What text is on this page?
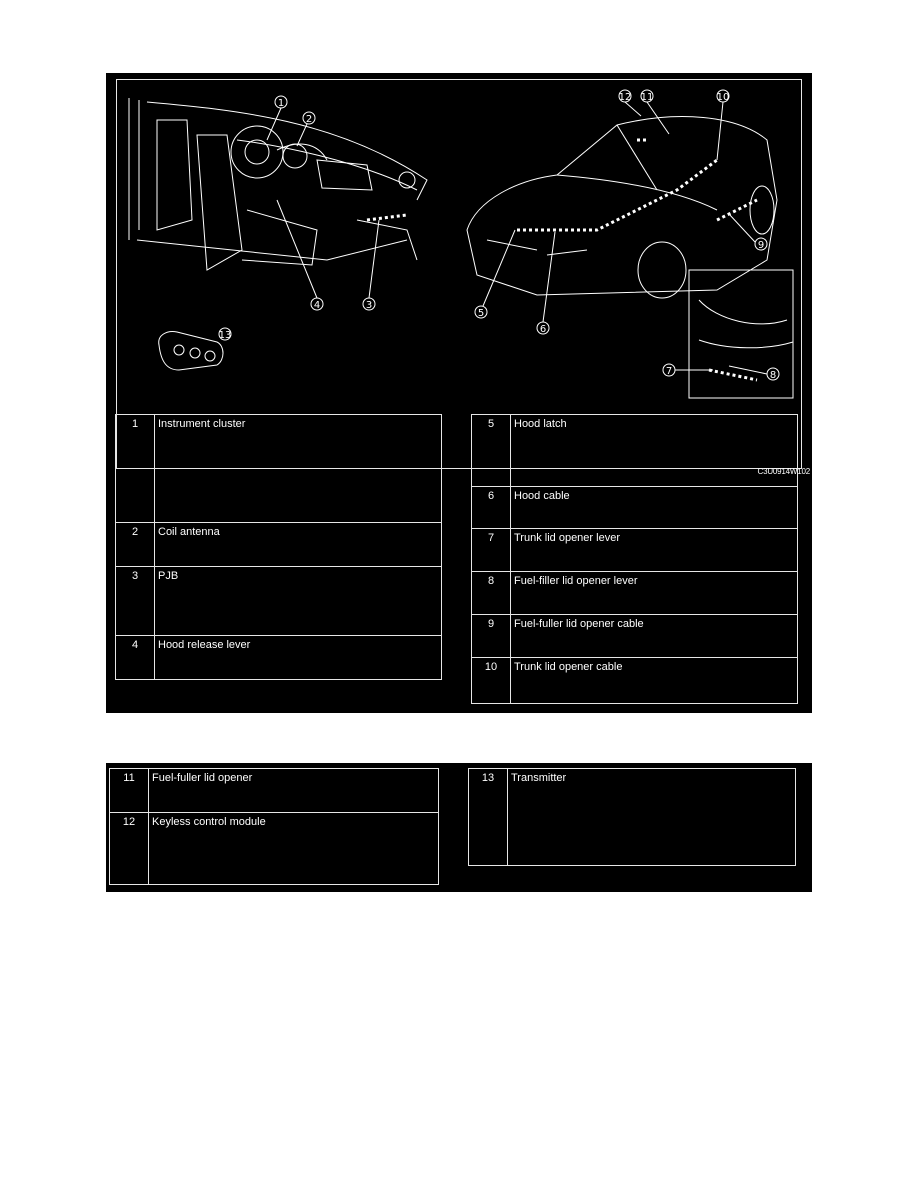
1
2
3
4
5
6
7	8
9
10
11
12
13
C3U0914W102
1	Instrument cluster
2	Coil antenna
3	PJB
4	Hood release lever
5	Hood latch
6	Hood cable
7	Trunk lid opener lever
8	Fuel-filler lid opener lever
9	Fuel-fuller lid opener cable
10	Trunk lid opener cable
11	Fuel-fuller lid opener
12	Keyless control module
13	Transmitter
